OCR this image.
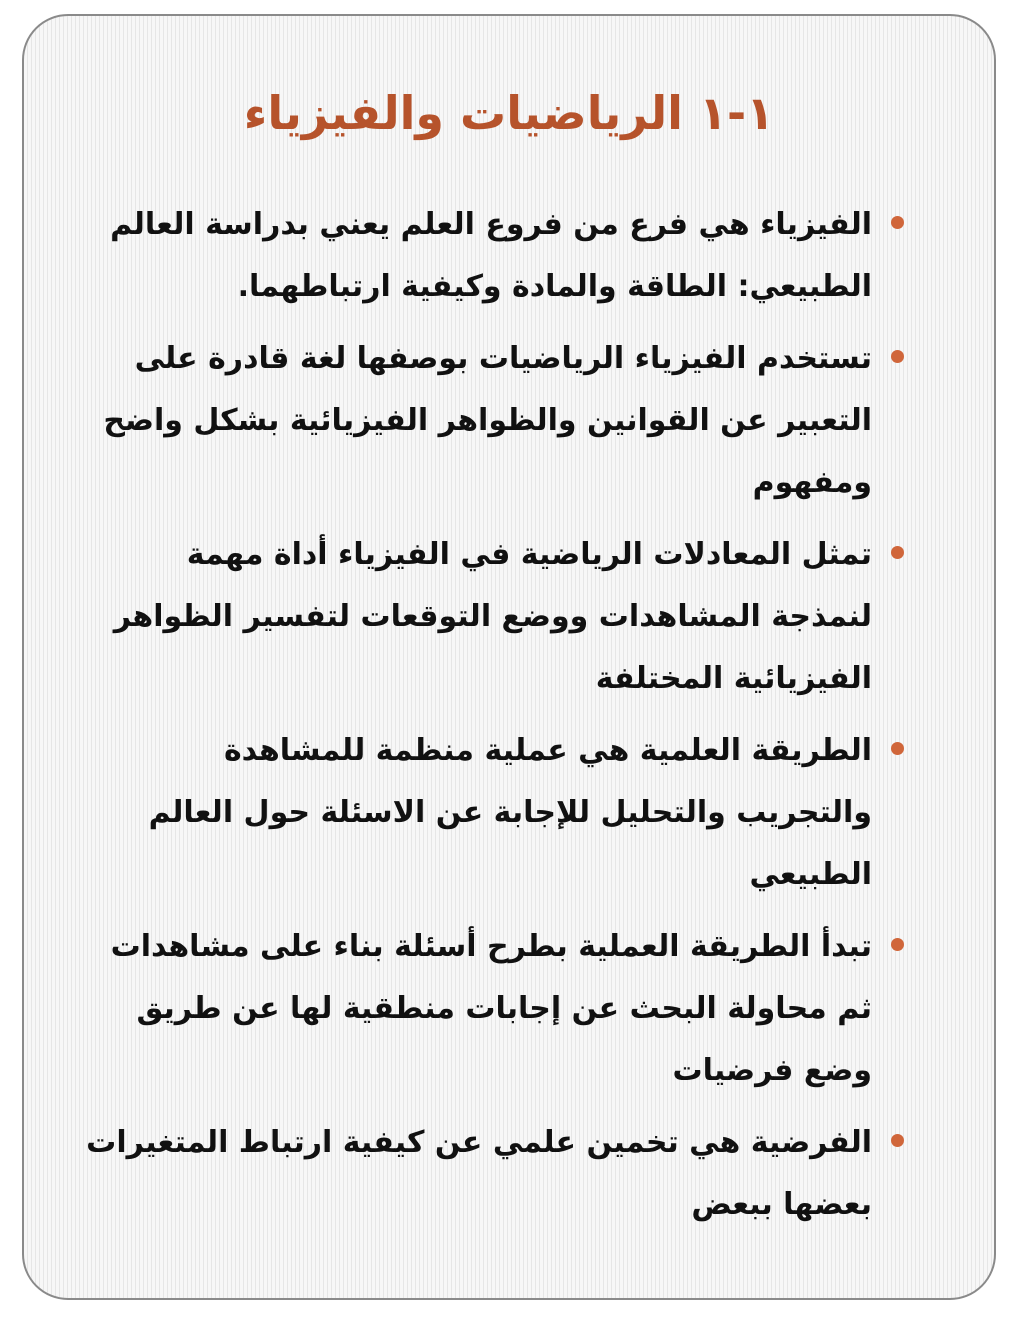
١-١ الرياضيات والفيزياء
الفيزياء هي فرع من فروع العلم يعني بدراسة العالم الطبيعي: الطاقة والمادة وكيفية ارتباطهما.
تستخدم الفيزياء الرياضيات بوصفها لغة قادرة على التعبير عن القوانين والظواهر الفيزيائية بشكل واضح ومفهوم
تمثل المعادلات الرياضية في الفيزياء أداة مهمة لنمذجة المشاهدات ووضع التوقعات لتفسير الظواهر الفيزيائية المختلفة
الطريقة العلمية هي عملية منظمة للمشاهدة والتجريب والتحليل للإجابة عن الاسئلة حول العالم الطبيعي
تبدأ الطريقة العملية بطرح أسئلة بناء على مشاهدات ثم محاولة البحث عن إجابات منطقية لها عن طريق وضع فرضيات
الفرضية هي تخمين علمي عن كيفية ارتباط المتغيرات بعضها ببعض
